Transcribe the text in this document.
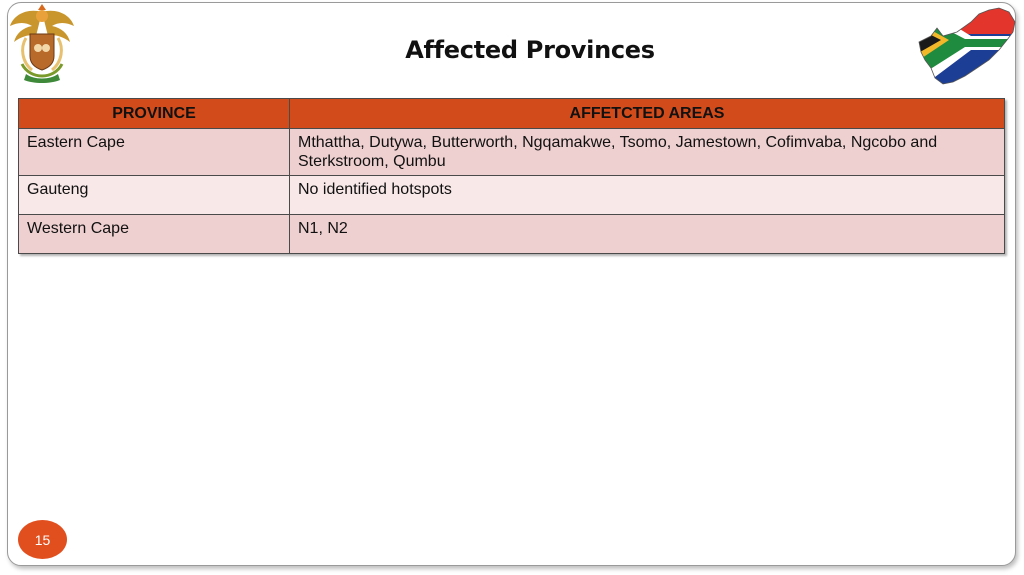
Affected Provinces
PROVINCE	AFFETCTED AREAS
Eastern Cape	Mthattha, Dutywa, Butterworth, Ngqamakwe, Tsomo, Jamestown, Cofimvaba, Ngcobo and Sterkstroom, Qumbu
Gauteng	No identified hotspots
Western Cape	N1, N2
15
